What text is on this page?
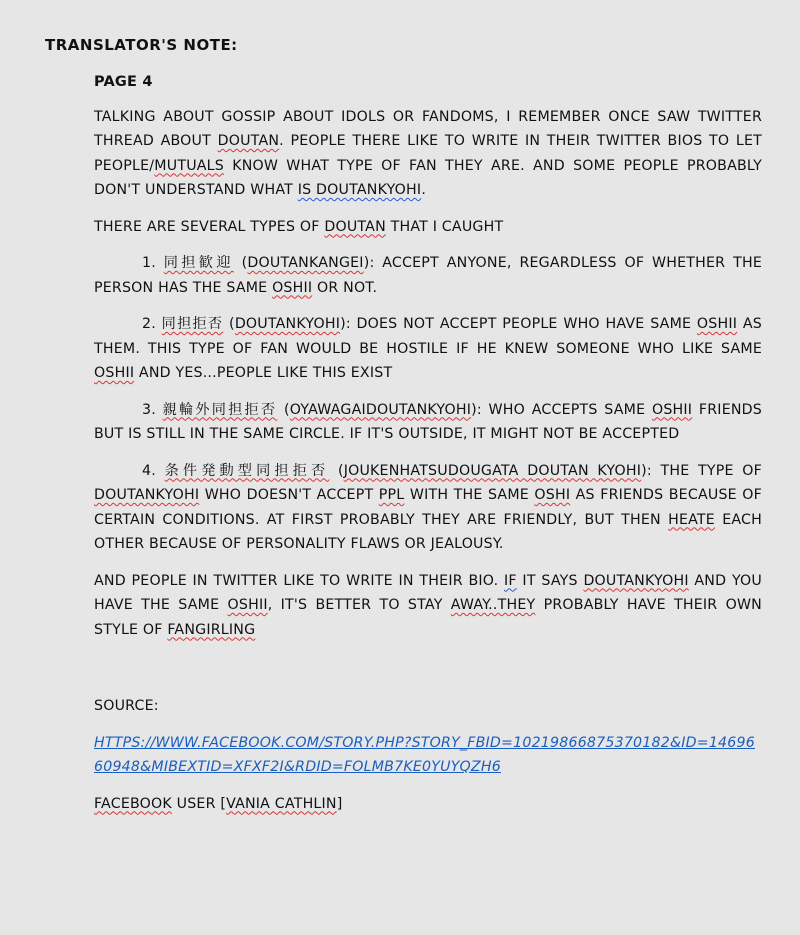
TRANSLATOR'S NOTE:
PAGE 4

TALKING ABOUT GOSSIP ABOUT IDOLS OR FANDOMS, I REMEMBER ONCE SAW TWITTER THREAD ABOUT DOUTAN. PEOPLE THERE LIKE TO WRITE IN THEIR TWITTER BIOS TO LET PEOPLE/MUTUALS KNOW WHAT TYPE OF FAN THEY ARE. AND SOME PEOPLE PROBABLY DON'T UNDERSTAND WHAT IS DOUTANKYOHI.

THERE ARE SEVERAL TYPES OF DOUTAN THAT I CAUGHT

1. 同担歓迎 (DOUTANKANGEI): ACCEPT ANYONE, REGARDLESS OF WHETHER THE PERSON HAS THE SAME OSHII OR NOT.

2. 同担拒否 (DOUTANKYOHI): DOES NOT ACCEPT PEOPLE WHO HAVE SAME OSHII AS THEM. THIS TYPE OF FAN WOULD BE HOSTILE IF HE KNEW SOMEONE WHO LIKE SAME OSHII AND YES...PEOPLE LIKE THIS EXIST

3. 親輪外同担拒否 (OYAWAGAIDOUTANKYOHI): WHO ACCEPTS SAME OSHII FRIENDS BUT IS STILL IN THE SAME CIRCLE. IF IT'S OUTSIDE, IT MIGHT NOT BE ACCEPTED

4. 条件発動型同担拒否 (JOUKENHATSUDOUGATA DOUTAN KYOHI): THE TYPE OF DOUTANKYOHI WHO DOESN'T ACCEPT PPL WITH THE SAME OSHI AS FRIENDS BECAUSE OF CERTAIN CONDITIONS. AT FIRST PROBABLY THEY ARE FRIENDLY, BUT THEN HEATE EACH OTHER BECAUSE OF PERSONALITY FLAWS OR JEALOUSY.

AND PEOPLE IN TWITTER LIKE TO WRITE IN THEIR BIO. IF IT SAYS DOUTANKYOHI AND YOU HAVE THE SAME OSHII, IT'S BETTER TO STAY AWAY..THEY PROBABLY HAVE THEIR OWN STYLE OF FANGIRLING

SOURCE:

HTTPS://WWW.FACEBOOK.COM/STORY.PHP?STORY_FBID=10219866875370182&ID=1469660948&MIBEXTID=XFXF2I&RDID=FOLMB7KE0YUYQZH6

FACEBOOK USER [VANIA CATHLIN]
